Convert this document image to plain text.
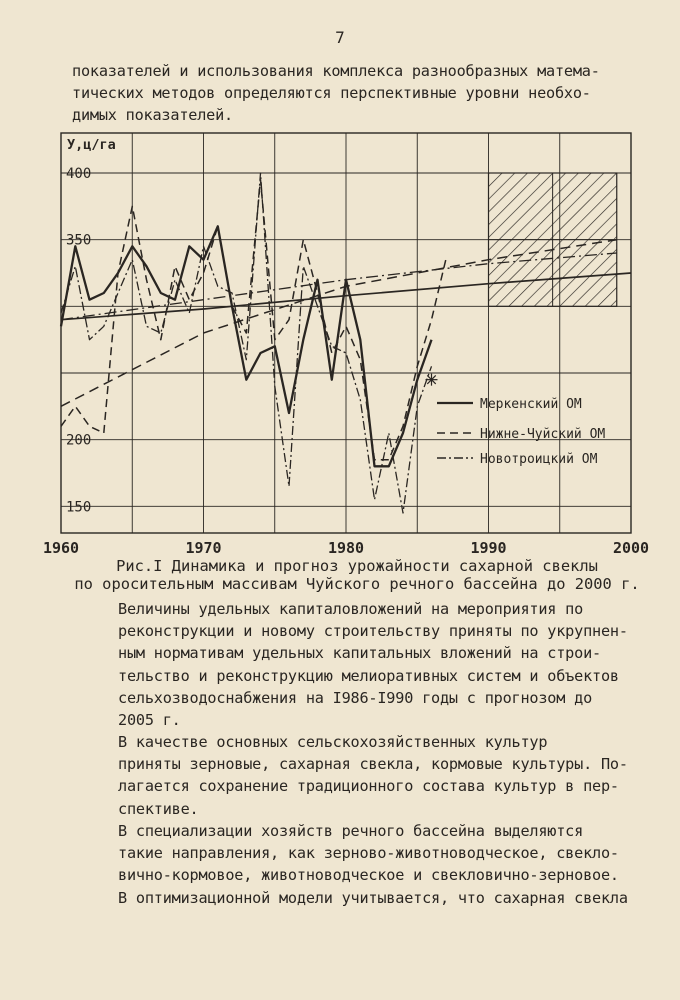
7

показателей и использования комплекса разнообразных матема-
тических методов определяются перспективные уровни необхо-
димых показателей.

1960	1970	1980	1990	2000
400
350
200
150
У,ц/га
Меркенский ОМ
Нижне-Чуйский ОМ
Новотроицкий ОМ

Рис.I Динамика и прогноз урожайности сахарной свеклы
по оросительным массивам Чуйского речного бассейна до 2000 г.

Величины удельных капиталовложений на мероприятия по
реконструкции и новому строительству приняты по укрупнен-
ным нормативам удельных капитальных вложений на строи-
тельство и реконструкцию мелиоративных систем и объектов
сельхозводоснабжения на I986-I990 годы с прогнозом до
2005 г.

В качестве основных сельскохозяйственных культур
приняты зерновые, сахарная свекла, кормовые культуры. По-
лагается сохранение традиционного состава культур в пер-
спективе.

В специализации хозяйств речного бассейна выделяются
такие направления, как зерново-животноводческое, свекло-
вично-кормовое, животноводческое и свекловично-зерновое.
В оптимизационной модели учитывается, что сахарная свекла
